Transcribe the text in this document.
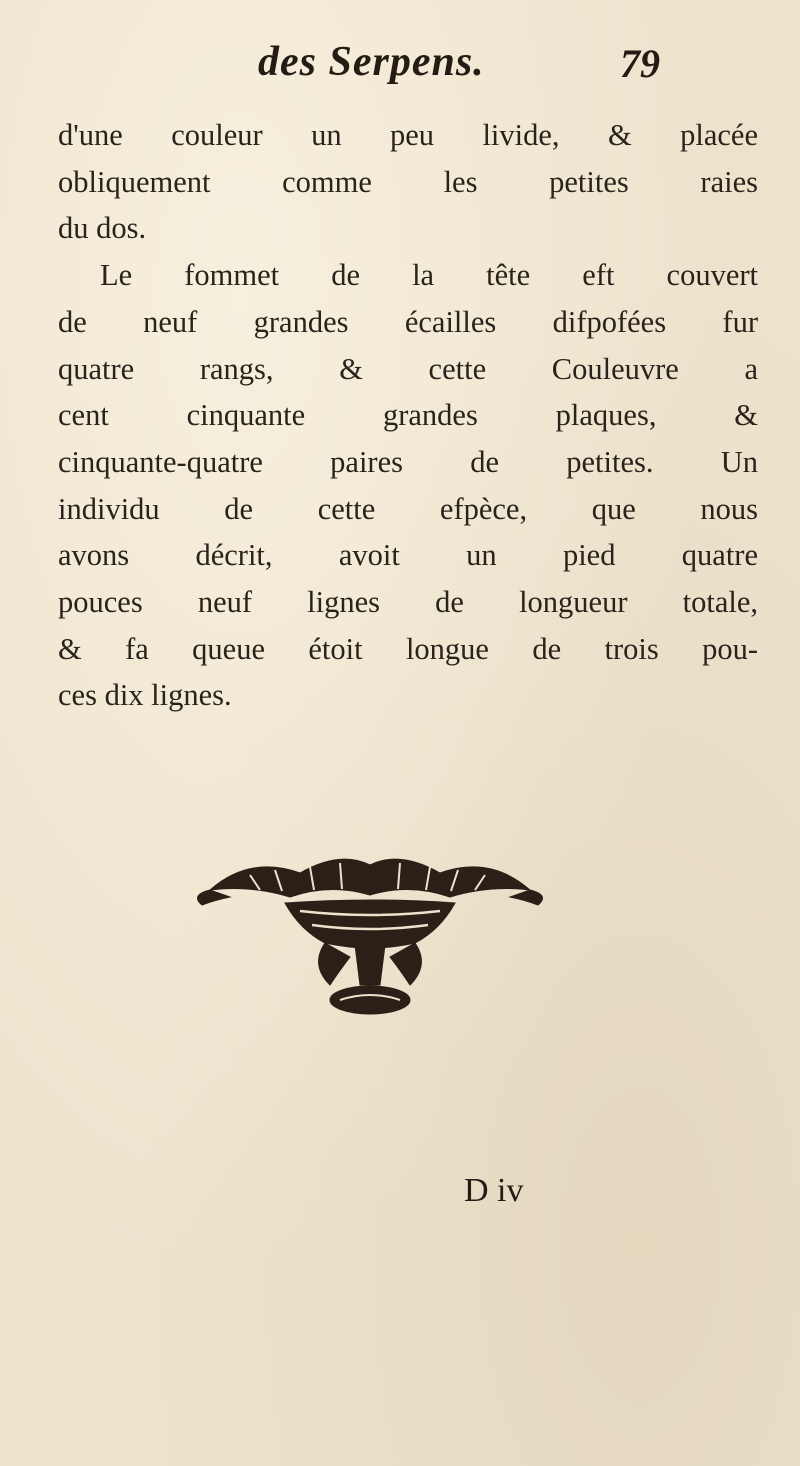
des Serpens.	79
d'une couleur un peu livide, & placée
obliquement comme les petites raies
du dos.
Le fommet de la tête eft couvert
de neuf grandes écailles difpofées fur
quatre rangs, & cette Couleuvre a
cent cinquante grandes plaques, &
cinquante-quatre paires de petites. Un
individu de cette efpèce, que nous
avons décrit, avoit un pied quatre
pouces neuf lignes de longueur totale,
& fa queue étoit longue de trois pou-
ces dix lignes.
D iv
